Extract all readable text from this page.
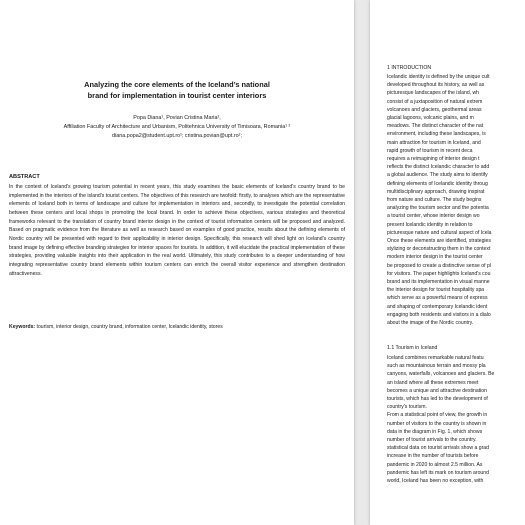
Analyzing the core elements of the Iceland’s national
brand for implementation in tourist center interiors
Popa Diana¹, Povian Cristina Maria²,
Affiliation Faculty of Architecture and Urbanism, Politehnica University of Timisoara, Romania¹ ²
diana.popa2@student.upt.ro¹; cristina.povian@upt.ro²;
ABSTRACT

In the context of Iceland's growing tourism potential in recent years, this study examines the basic elements of Iceland's country brand to be implemented in the interiors of the island's tourist centers. The objectives of this research are twofold: firstly, to analyses which are the representative elements of Iceland both in terms of landscape and culture for implementation in interiors and, secondly, to investigate the potential correlation between these centers and local shops in promoting the local brand. In order to achieve these objectives, various strategies and theoretical frameworks relevant to the translation of country brand interior design in the context of tourist information centers will be proposed and analyzed. Based on pragmatic evidence from the literature as well as research based on examples of good practice, results about the defining elements of Nordic country will be presented with regard to their applicability in interior design. Specifically, this research will shed light on Iceland's country brand image by defining effective branding strategies for interior spaces for tourists. In addition, it will elucidate the practical implementation of these strategies, providing valuable insights into their application in the real world. Ultimately, this study contributes to a deeper understanding of how integrating representative country brand elements within tourism centers can enrich the overall visitor experience and strengthen destination attractiveness.

Keywords: tourism, interior design, country brand, information center, Icelandic identity, stores

1 INTRODUCTION
Icelandic identity is defined by the unique cult
developed throughout its history, as well as
picturesque landscapes of the island, wh
consist of a juxtaposition of natural extrem
volcanoes and glaciers, geothermal areas
glacial lagoons, volcanic plains, and m
meadows. The distinct character of the nat
environment, including these landscapes, is
main attraction for tourism in Iceland, and
rapid growth of tourism in recent deca
requires a reimagining of interior design t
reflects the distinct Icelandic character to add
a global audience. The study aims to identify
defining elements of Icelandic identity throug
multidisciplinary approach, drawing inspirat
from nature and culture. The study begins
analyzing the tourism sector and the potentia
a tourist center, whose interior design wo
present Icelandic identity in relation to
picturesque nature and cultural aspect of Icela
Once these elements are identified, strategies
stylizing or deconstructing them in the context
modern interior design in the tourist center
be proposed to create a distinctive sense of pl
for visitors. The paper highlights Iceland's cou
brand and its implementation in visual manne
the interior design for tourist hospitality spa
which serve as a powerful means of express
and shaping of contemporary Icelandic ident
engaging both residents and visitors in a dialo
about the image of the Nordic country.
1.1 Tourism in Iceland
Iceland combines remarkable natural featu
such as mountainous terrain and mossy pla
canyons, waterfalls, volcanoes and glaciers. Be
an island where all these extremes meet
becomes a unique and attractive destination
tourists, which has led to the development of
country's tourism.
From a statistical point of view, the growth in
number of visitors to the country is shown in
data in the diagram in Fig. 1, which shows
number of tourist arrivals to the country.
statistical data on tourist arrivals show a grad
increase in the number of tourists before
pandemic in 2020 to almost 2.5 million. As
pandemic has left its mark on tourism around
world, Iceland has been no exception, with
